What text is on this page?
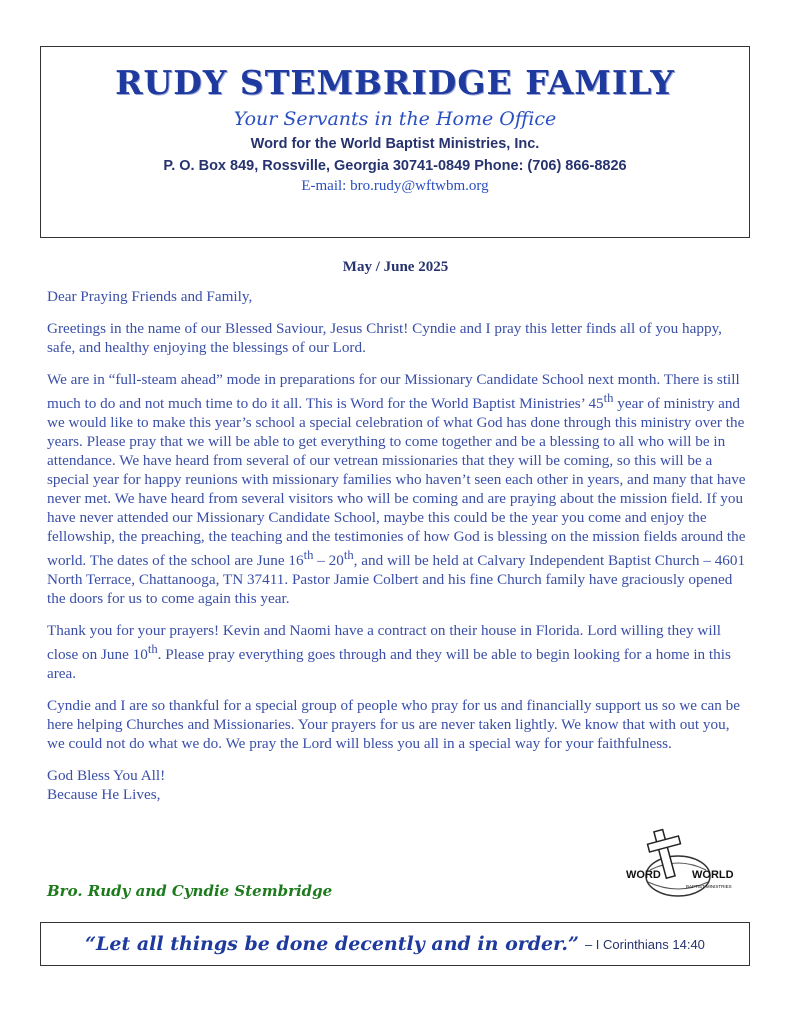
RUDY STEMBRIDGE FAMILY
Your Servants in the Home Office
Word for the World Baptist Ministries, Inc.
P. O. Box 849, Rossville, Georgia 30741-0849 Phone: (706) 866-8826
E-mail: bro.rudy@wftwbm.org
May / June 2025

Dear Praying Friends and Family,

Greetings in the name of our Blessed Saviour, Jesus Christ! Cyndie and I pray this letter finds all of you happy, safe, and healthy enjoying the blessings of our Lord.

We are in “full-steam ahead” mode in preparations for our Missionary Candidate School next month. There is still much to do and not much time to do it all. This is Word for the World Baptist Ministries’ 45th year of ministry and we would like to make this year’s school a special celebration of what God has done through this ministry over the years. Please pray that we will be able to get everything to come together and be a blessing to all who will be in attendance. We have heard from several of our vetrean missionaries that they will be coming, so this will be a special year for happy reunions with missionary families who haven’t seen each other in years, and many that have never met. We have heard from several visitors who will be coming and are praying about the mission field. If you have never attended our Missionary Candidate School, maybe this could be the year you come and enjoy the fellowship, the preaching, the teaching and the testimonies of how God is blessing on the mission fields around the world. The dates of the school are June 16th – 20th, and will be held at Calvary Independent Baptist Church – 4601 North Terrace, Chattanooga, TN 37411. Pastor Jamie Colbert and his fine Church family have graciously opened the doors for us to come again this year.

Thank you for your prayers! Kevin and Naomi have a contract on their house in Florida. Lord willing they will close on June 10th. Please pray everything goes through and they will be able to begin looking for a home in this area.

Cyndie and I are so thankful for a special group of people who pray for us and financially support us so we can be here helping Churches and Missionaries. Your prayers for us are never taken lightly. We know that with out you, we could not do what we do. We pray the Lord will bless you all in a special way for your faithfulness.

God Bless You All!
Because He Lives,
Bro. Rudy and Cyndie Stembridge
WORD	WORLD
BAPTIST MINISTRIES
“Let all things be done decently and in order.” – I Corinthians 14:40
